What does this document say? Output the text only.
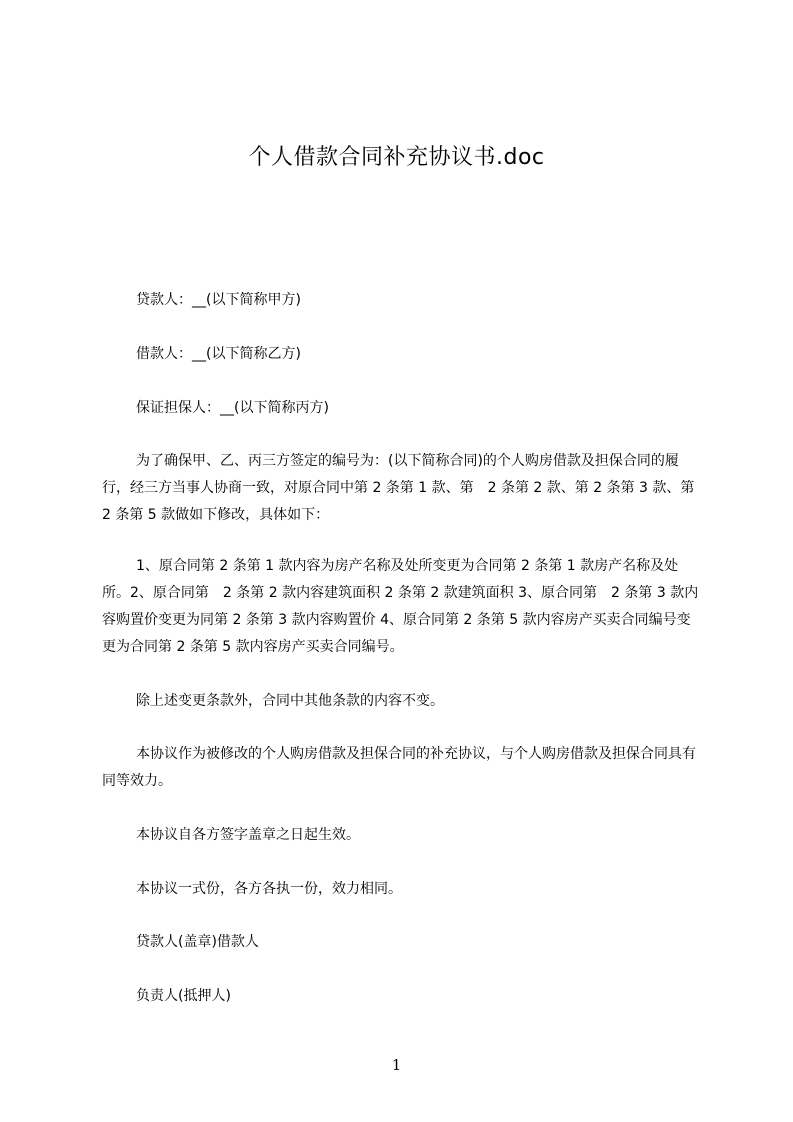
个人借款合同补充协议书.doc

贷款人：__(以下简称甲方)

借款人：__(以下简称乙方)

保证担保人：__(以下简称丙方)

为了确保甲、乙、丙三方签定的编号为：(以下简称合同)的个人购房借款及担保合同的履行，经三方当事人协商一致，对原合同中第 2 条第 1 款、第　2 条第 2 款、第 2 条第 3 款、第 2 条第 5 款做如下修改，具体如下：

1、原合同第 2 条第 1 款内容为房产名称及处所变更为合同第 2 条第 1 款房产名称及处所。2、原合同第　2 条第 2 款内容建筑面积 2 条第 2 款建筑面积 3、原合同第　2 条第 3 款内容购置价变更为同第 2 条第 3 款内容购置价 4、原合同第 2 条第 5 款内容房产买卖合同编号变更为合同第 2 条第 5 款内容房产买卖合同编号。

除上述变更条款外，合同中其他条款的内容不变。

本协议作为被修改的个人购房借款及担保合同的补充协议，与个人购房借款及担保合同具有同等效力。

本协议自各方签字盖章之日起生效。

本协议一式份，各方各执一份，效力相同。

贷款人(盖章)借款人

负责人(抵押人)

1
